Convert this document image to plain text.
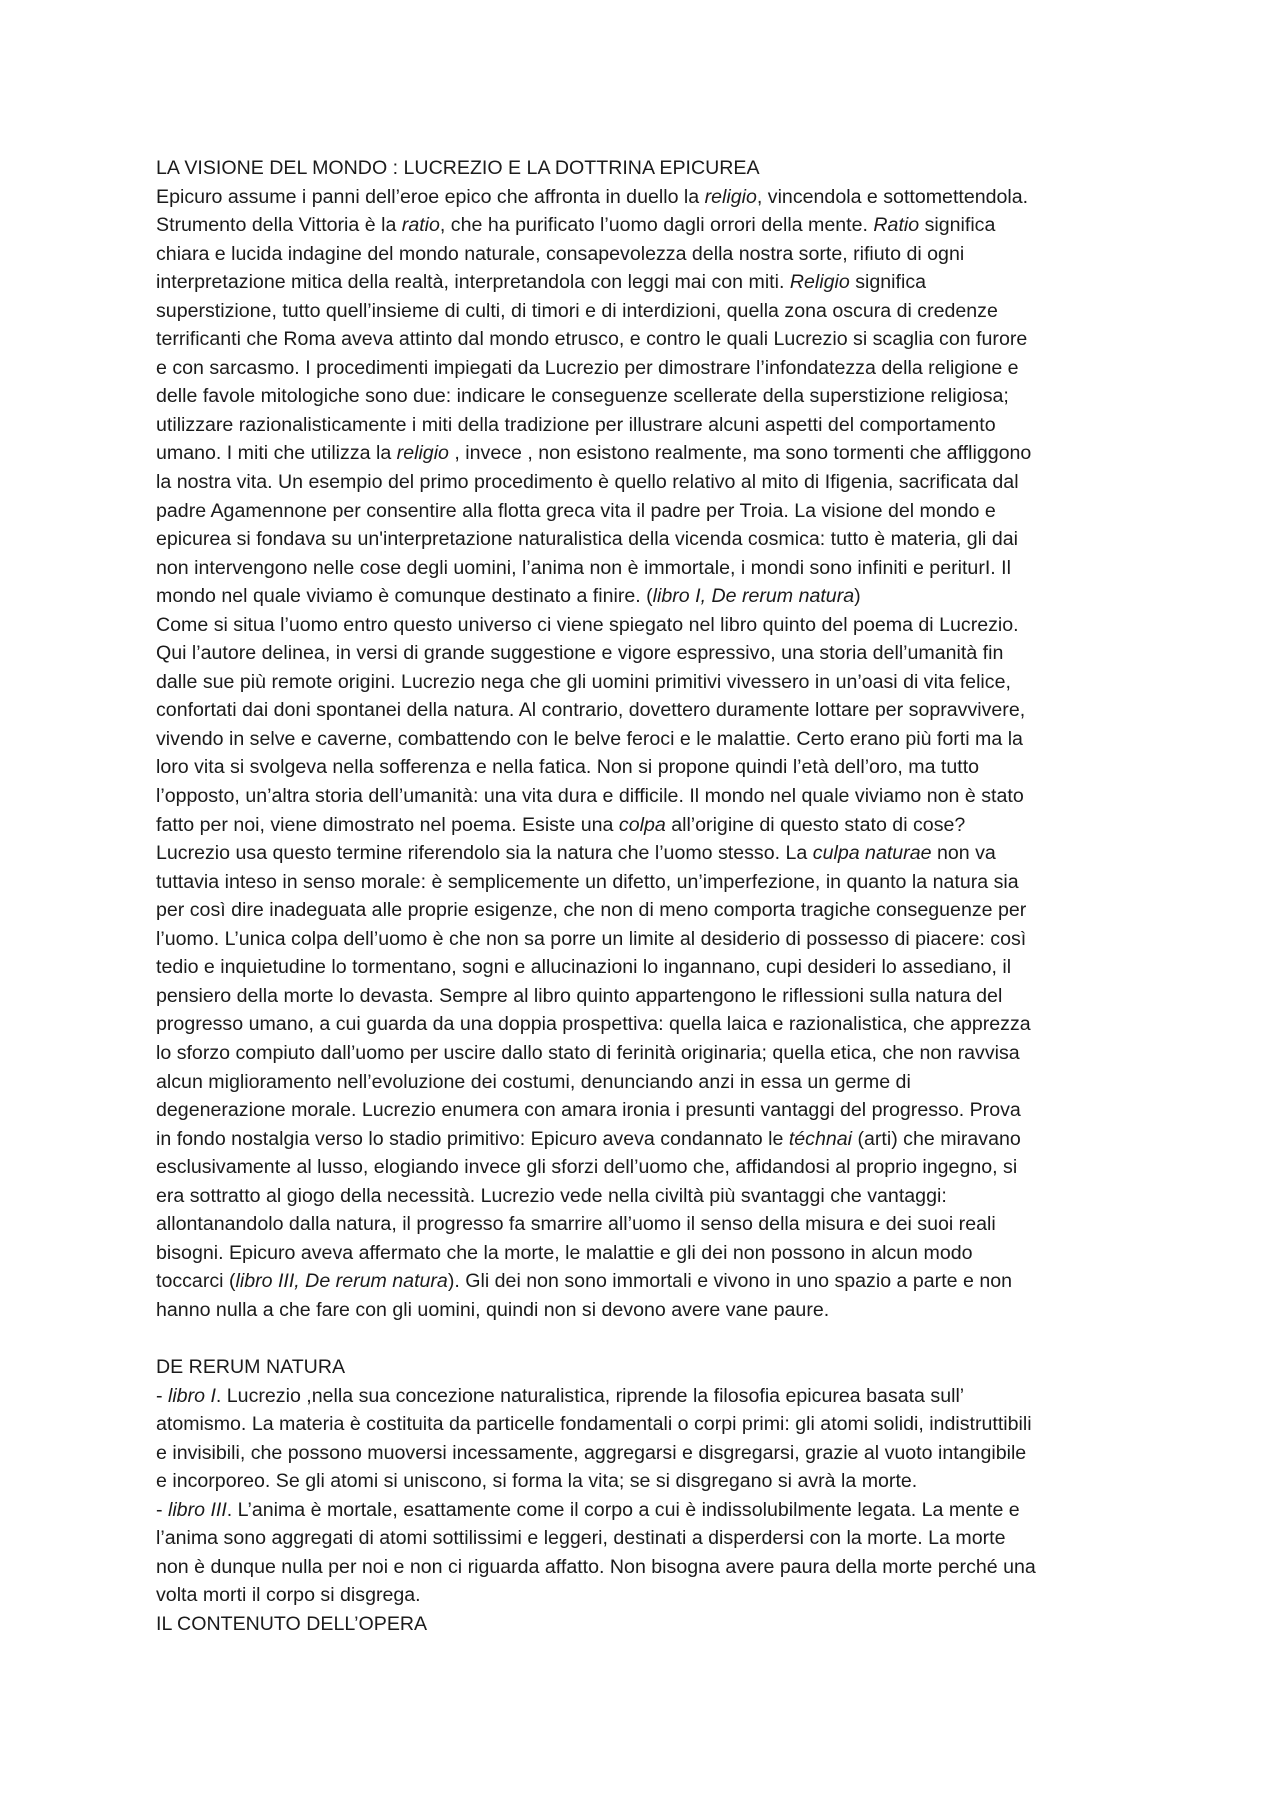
LA VISIONE DEL MONDO : LUCREZIO E LA DOTTRINA EPICUREA
Epicuro assume i panni dell’eroe epico che affronta in duello la religio, vincendola e sottomettendola.
Strumento della Vittoria è la ratio, che ha purificato l’uomo dagli orrori della mente. Ratio significa
chiara e lucida indagine del mondo naturale, consapevolezza della nostra sorte, rifiuto di ogni
interpretazione mitica della realtà, interpretandola con leggi mai con miti. Religio significa
superstizione, tutto quell’insieme di culti, di timori e di interdizioni, quella zona oscura di credenze
terrificanti che Roma aveva attinto dal mondo etrusco, e contro le quali Lucrezio si scaglia con furore
e con sarcasmo. I procedimenti impiegati da Lucrezio per dimostrare l’infondatezza della religione e
delle favole mitologiche sono due: indicare le conseguenze scellerate della superstizione religiosa;
utilizzare razionalisticamente i miti della tradizione per illustrare alcuni aspetti del comportamento
umano. I miti che utilizza la religio , invece , non esistono realmente, ma sono tormenti che affliggono
la nostra vita. Un esempio del primo procedimento è quello relativo al mito di Ifigenia, sacrificata dal
padre Agamennone per consentire alla flotta greca vita il padre per Troia. La visione del mondo e
epicurea si fondava su un'interpretazione naturalistica della vicenda cosmica: tutto è materia, gli dai
non intervengono nelle cose degli uomini, l’anima non è immortale, i mondi sono infiniti e periturI. Il
mondo nel quale viviamo è comunque destinato a finire. (libro I, De rerum natura)
Come si situa l’uomo entro questo universo ci viene spiegato nel libro quinto del poema di Lucrezio.
Qui l’autore delinea, in versi di grande suggestione e vigore espressivo, una storia dell’umanità fin
dalle sue più remote origini. Lucrezio nega che gli uomini primitivi vivessero in un’oasi di vita felice,
confortati dai doni spontanei della natura. Al contrario, dovettero duramente lottare per sopravvivere,
vivendo in selve e caverne, combattendo con le belve feroci e le malattie. Certo erano più forti ma la
loro vita si svolgeva nella sofferenza e nella fatica. Non si propone quindi l’età dell’oro, ma tutto
l’opposto, un’altra storia dell’umanità: una vita dura e difficile. Il mondo nel quale viviamo non è stato
fatto per noi, viene dimostrato nel poema. Esiste una colpa all’origine di questo stato di cose?
Lucrezio usa questo termine riferendolo sia la natura che l’uomo stesso. La culpa naturae non va
tuttavia inteso in senso morale: è semplicemente un difetto, un’imperfezione, in quanto la natura sia
per così dire inadeguata alle proprie esigenze, che non di meno comporta tragiche conseguenze per
l’uomo. L’unica colpa dell’uomo è che non sa porre un limite al desiderio di possesso di piacere: così
tedio e inquietudine lo tormentano, sogni e allucinazioni lo ingannano, cupi desideri lo assediano, il
pensiero della morte lo devasta. Sempre al libro quinto appartengono le riflessioni sulla natura del
progresso umano, a cui guarda da una doppia prospettiva: quella laica e razionalistica, che apprezza
lo sforzo compiuto dall’uomo per uscire dallo stato di ferinità originaria; quella etica, che non ravvisa
alcun miglioramento nell’evoluzione dei costumi, denunciando anzi in essa un germe di
degenerazione morale. Lucrezio enumera con amara ironia i presunti vantaggi del progresso. Prova
in fondo nostalgia verso lo stadio primitivo: Epicuro aveva condannato le téchnai (arti) che miravano
esclusivamente al lusso, elogiando invece gli sforzi dell’uomo che, affidandosi al proprio ingegno, si
era sottratto al giogo della necessità. Lucrezio vede nella civiltà più svantaggi che vantaggi:
allontanandolo dalla natura, il progresso fa smarrire all’uomo il senso della misura e dei suoi reali
bisogni. Epicuro aveva affermato che la morte, le malattie e gli dei non possono in alcun modo
toccarci (libro III, De rerum natura). Gli dei non sono immortali e vivono in uno spazio a parte e non
hanno nulla a che fare con gli uomini, quindi non si devono avere vane paure.
DE RERUM NATURA
- libro I. Lucrezio ,nella sua concezione naturalistica, riprende la filosofia epicurea basata sull’
atomismo. La materia è costituita da particelle fondamentali o corpi primi: gli atomi solidi, indistruttibili
e invisibili, che possono muoversi incessamente, aggregarsi e disgregarsi, grazie al vuoto intangibile
e incorporeo. Se gli atomi si uniscono, si forma la vita; se si disgregano si avrà la morte.
- libro III. L’anima è mortale, esattamente come il corpo a cui è indissolubilmente legata. La mente e
l’anima sono aggregati di atomi sottilissimi e leggeri, destinati a disperdersi con la morte. La morte
non è dunque nulla per noi e non ci riguarda affatto. Non bisogna avere paura della morte perché una
volta morti il corpo si disgrega.
IL CONTENUTO DELL’OPERA
